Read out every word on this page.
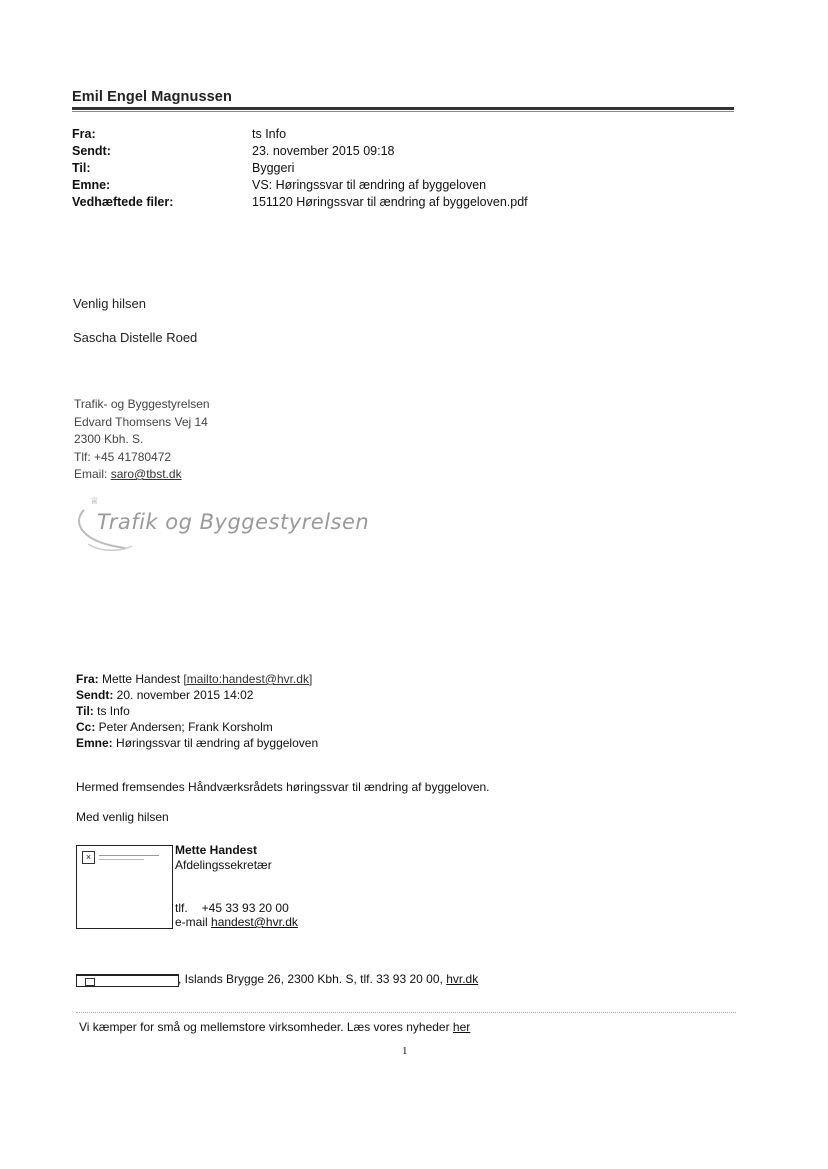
Emil Engel Magnussen
Fra:	ts Info
Sendt:	23. november 2015 09:18
Til:	Byggeri
Emne:	VS: Høringssvar til ændring af byggeloven
Vedhæftede filer:	151120 Høringssvar til ændring af byggeloven.pdf
Venlig hilsen
Sascha Distelle Roed
Trafik- og Byggestyrelsen
Edvard Thomsens Vej 14
2300 Kbh. S.
Tlf: +45 41780472
Email: saro@tbst.dk
♕
Trafik og Byggestyrelsen
Fra: Mette Handest [mailto:handest@hvr.dk]
Sendt: 20. november 2015 14:02
Til: ts Info
Cc: Peter Andersen; Frank Korsholm
Emne: Høringssvar til ændring af byggeloven
Hermed fremsendes Håndværksrådets høringssvar til ændring af byggeloven.
Med venlig hilsen
×	Mette Handest
Afdelingssekretær
tlf. +45 33 93 20 00
e-mail handest@hvr.dk
, Islands Brygge 26, 2300 Kbh. S, tlf. 33 93 20 00, hvr.dk
Vi kæmper for små og mellemstore virksomheder. Læs vores nyheder her
1
